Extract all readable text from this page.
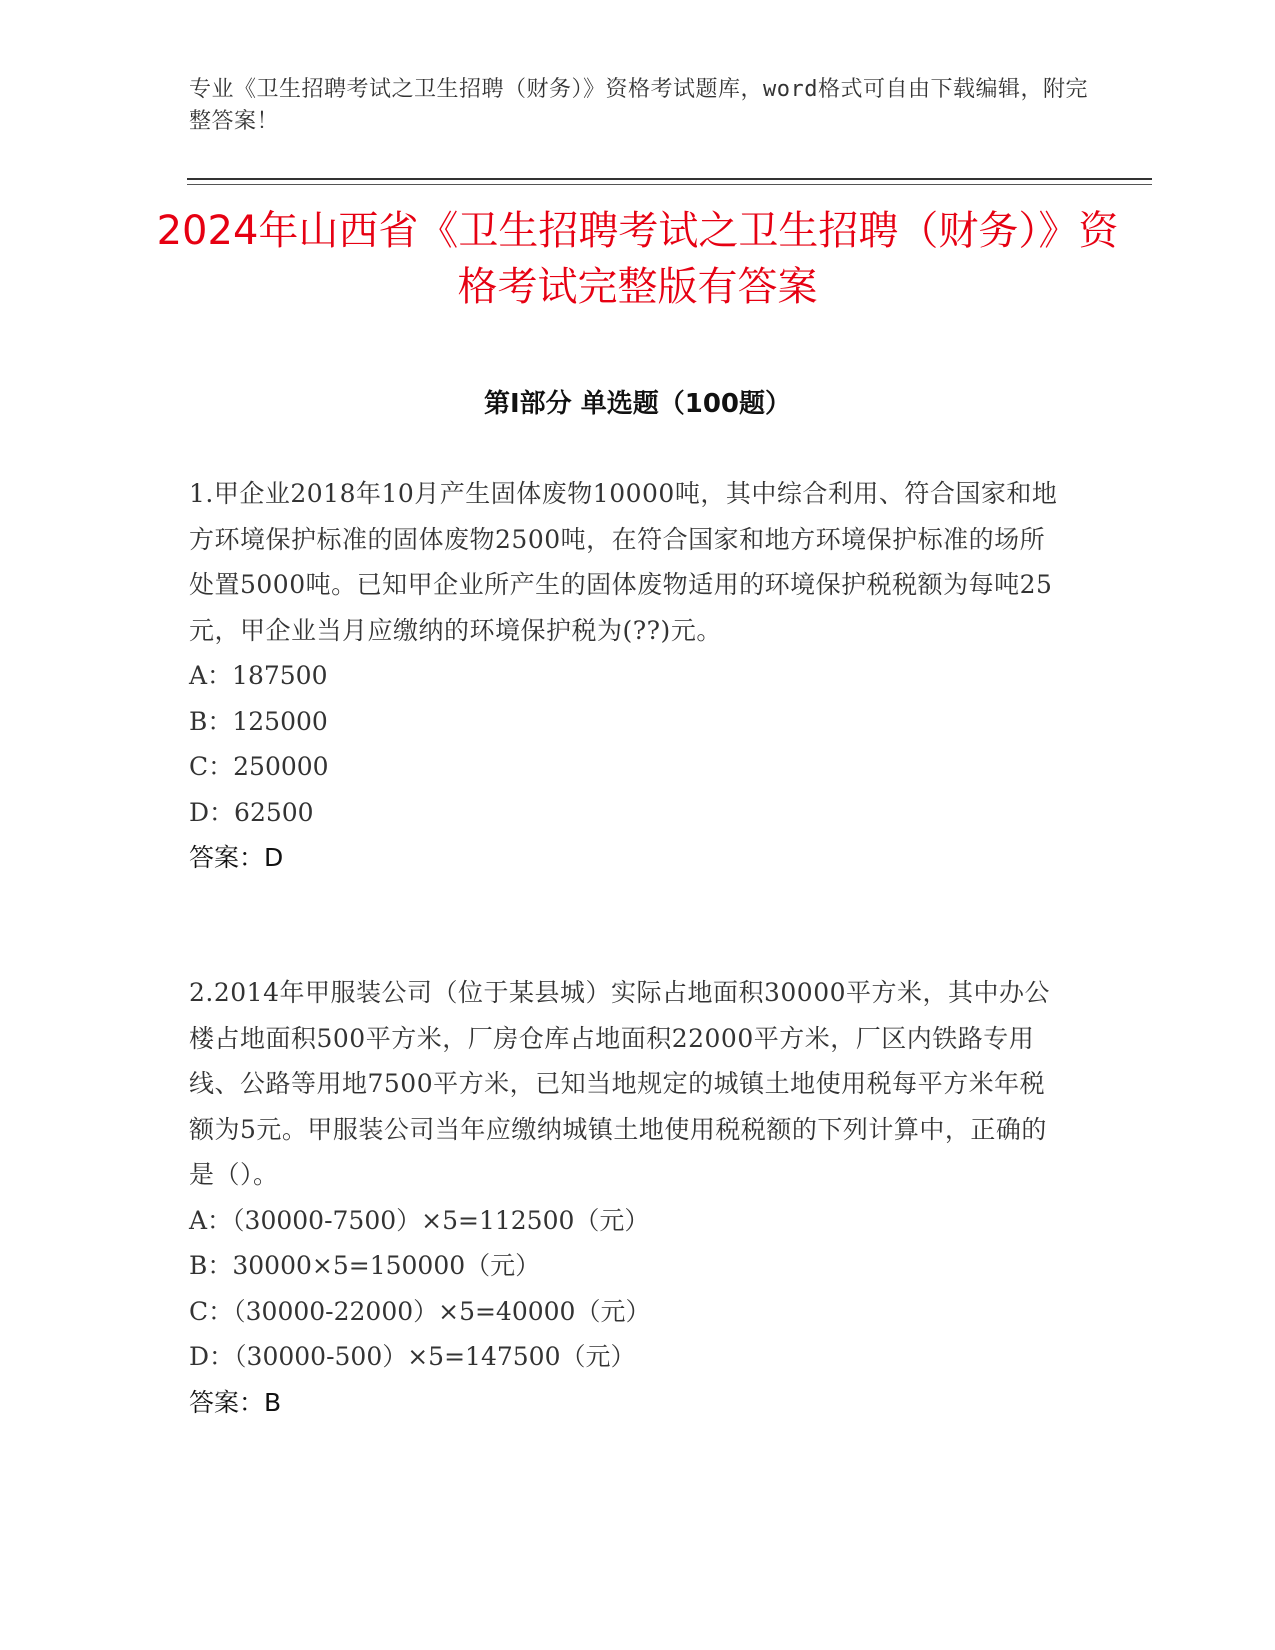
专业《卫生招聘考试之卫生招聘（财务）》资格考试题库，word格式可自由下载编辑，附完整答案！
2024年山西省《卫生招聘考试之卫生招聘（财务）》资格考试完整版有答案
第I部分 单选题（100题）

1.甲企业2018年10月产生固体废物10000吨，其中综合利用、符合国家和地方环境保护标准的固体废物2500吨，在符合国家和地方环境保护标准的场所处置5000吨。已知甲企业所产生的固体废物适用的环境保护税税额为每吨25元，甲企业当月应缴纳的环境保护税为(??)元。

A：187500

B：125000

C：250000

D：62500

答案：D

2.2014年甲服装公司（位于某县城）实际占地面积30000平方米，其中办公楼占地面积500平方米，厂房仓库占地面积22000平方米，厂区内铁路专用线、公路等用地7500平方米，已知当地规定的城镇土地使用税每平方米年税额为5元。甲服装公司当年应缴纳城镇土地使用税税额的下列计算中，正确的是（）。

A：（30000-7500）×5=112500（元）

B：30000×5=150000（元）

C：（30000-22000）×5=40000（元）

D：（30000-500）×5=147500（元）

答案：B
